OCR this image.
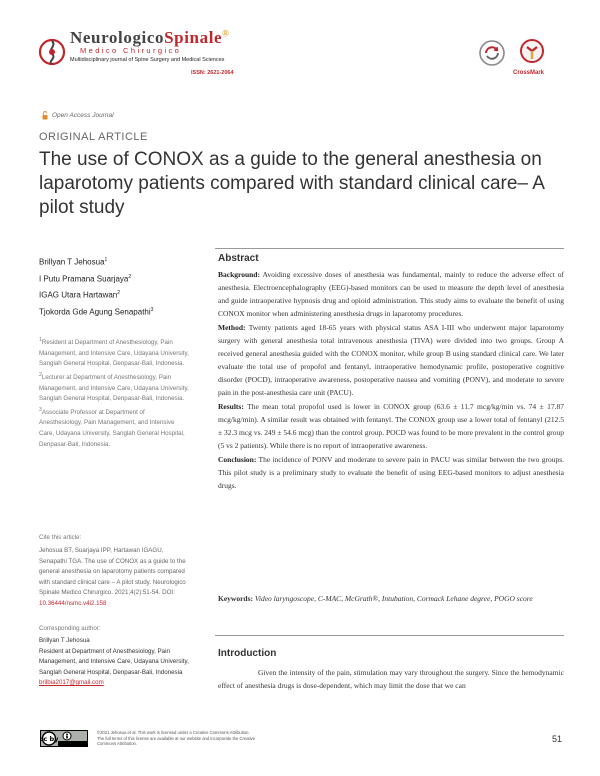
NeurologicoSpinale®
Medico Chirurgico
Multidisciplinary journal of Spine Surgery and Medical Sciences
ISSN: 2621-2064	CrossMark
Open Access Journal
ORIGINAL ARTICLE
The use of CONOX as a guide to the general anesthesia on laparotomy patients compared with standard clinical care– A pilot study
Brillyan T Jehosua$^1$
I Putu Pramana Suarjaya$^2$
IGAG Utara Hartawan$^2$
Tjokorda Gde Agung Senapathi$^3$

$^1$Resident at Department of Anesthesiology, Pain Management, and Intensive Care, Udayana University, Sanglah General Hospital, Denpasar-Bali, Indonesia.

$^2$Lecturer at Department of Anesthesiology, Pain Management, and Intensive Care, Udayana University, Sanglah General Hospital, Denpasar-Bali, Indonesia.

$^3$Associate Professor at Department of Anesthesiology, Pain Management, and Intensive Care, Udayana University, Sanglah General Hospital, Denpasar-Bali, Indonesia.

Cite this article:
Jehosua BT, Suarjaya IPP, Hartawan IGAGU, Senapathi TGA. The use of CONOX as a guide to the general anesthesia on laparotomy patients compared with standard clinical care – A pilot study. Neurologico Spinale Medico Chirurgico. 2021;4(2):51-54. DOI: 10.36444/nsmc.v4i2.158
Corresponding author:
Brillyan T Jehosua
Resident at Department of Anesthesiology, Pain Management, and Intensive Care, Udayana University, Sanglah General Hospital, Denpasar-Bali, Indonesia
brilbia2017@gmail.com
Abstract

Background: Avoiding excessive doses of anesthesia was fundamental, mainly to reduce the adverse effect of anesthesia. Electroencephalography (EEG)-based monitors can be used to measure the depth level of anesthesia and guide intraoperative hypnosis drug and opioid administration. This study aims to evaluate the benefit of using CONOX monitor when administering anesthesia drugs in laparotomy procedures.

Method: Twenty patients aged 18-65 years with physical status ASA I-III who underwent major laparotomy surgery with general anesthesia total intravenous anesthesia (TIVA) were divided into two groups. Group A received general anesthesia guided with the CONOX monitor, while group B using standard clinical care. We later evaluate the total use of propofol and fentanyl, intraoperative hemodynamic profile, postoperative cognitive disorder (POCD), intraoperative awareness, postoperative nausea and vomiting (PONV), and moderate to severe pain in the post-anesthesia care unit (PACU).

Results: The mean total propofol used is lower in CONOX group (63.6 ± 11.7 mcg/kg/min vs. 74 ± 17.87 mcg/kg/min). A similar result was obtained with fentanyl. The CONOX group use a lower total of fentanyl (212.5 ± 32.3 mcg vs. 249 ± 54.6 mcg) than the control group. POCD was found to be more prevalent in the control group (5 vs 2 patients). While there is no report of intraoperative awareness.

Conclusion: The incidence of PONV and moderate to severe pain in PACU was similar between the two groups. This pilot study is a preliminary study to evaluate the benefit of using EEG-based monitors to adjust anesthesia drugs.

Keywords: Video laryngoscope, C-MAC, McGrath®, Intubation, Cormack Lehane degree, POGO score
Introduction
Given the intensity of the pain, stimulation may vary throughout the surgery. Since the hemodynamic effect of anesthesia drugs is dose-dependent, which may limit the dose that we can
cc by
©2021 Jehosua et al. This work is licensed under a Creative Commons Attribution. The full terms of this license are available at our website and incorporate the Creative Commons Attribution.	51
